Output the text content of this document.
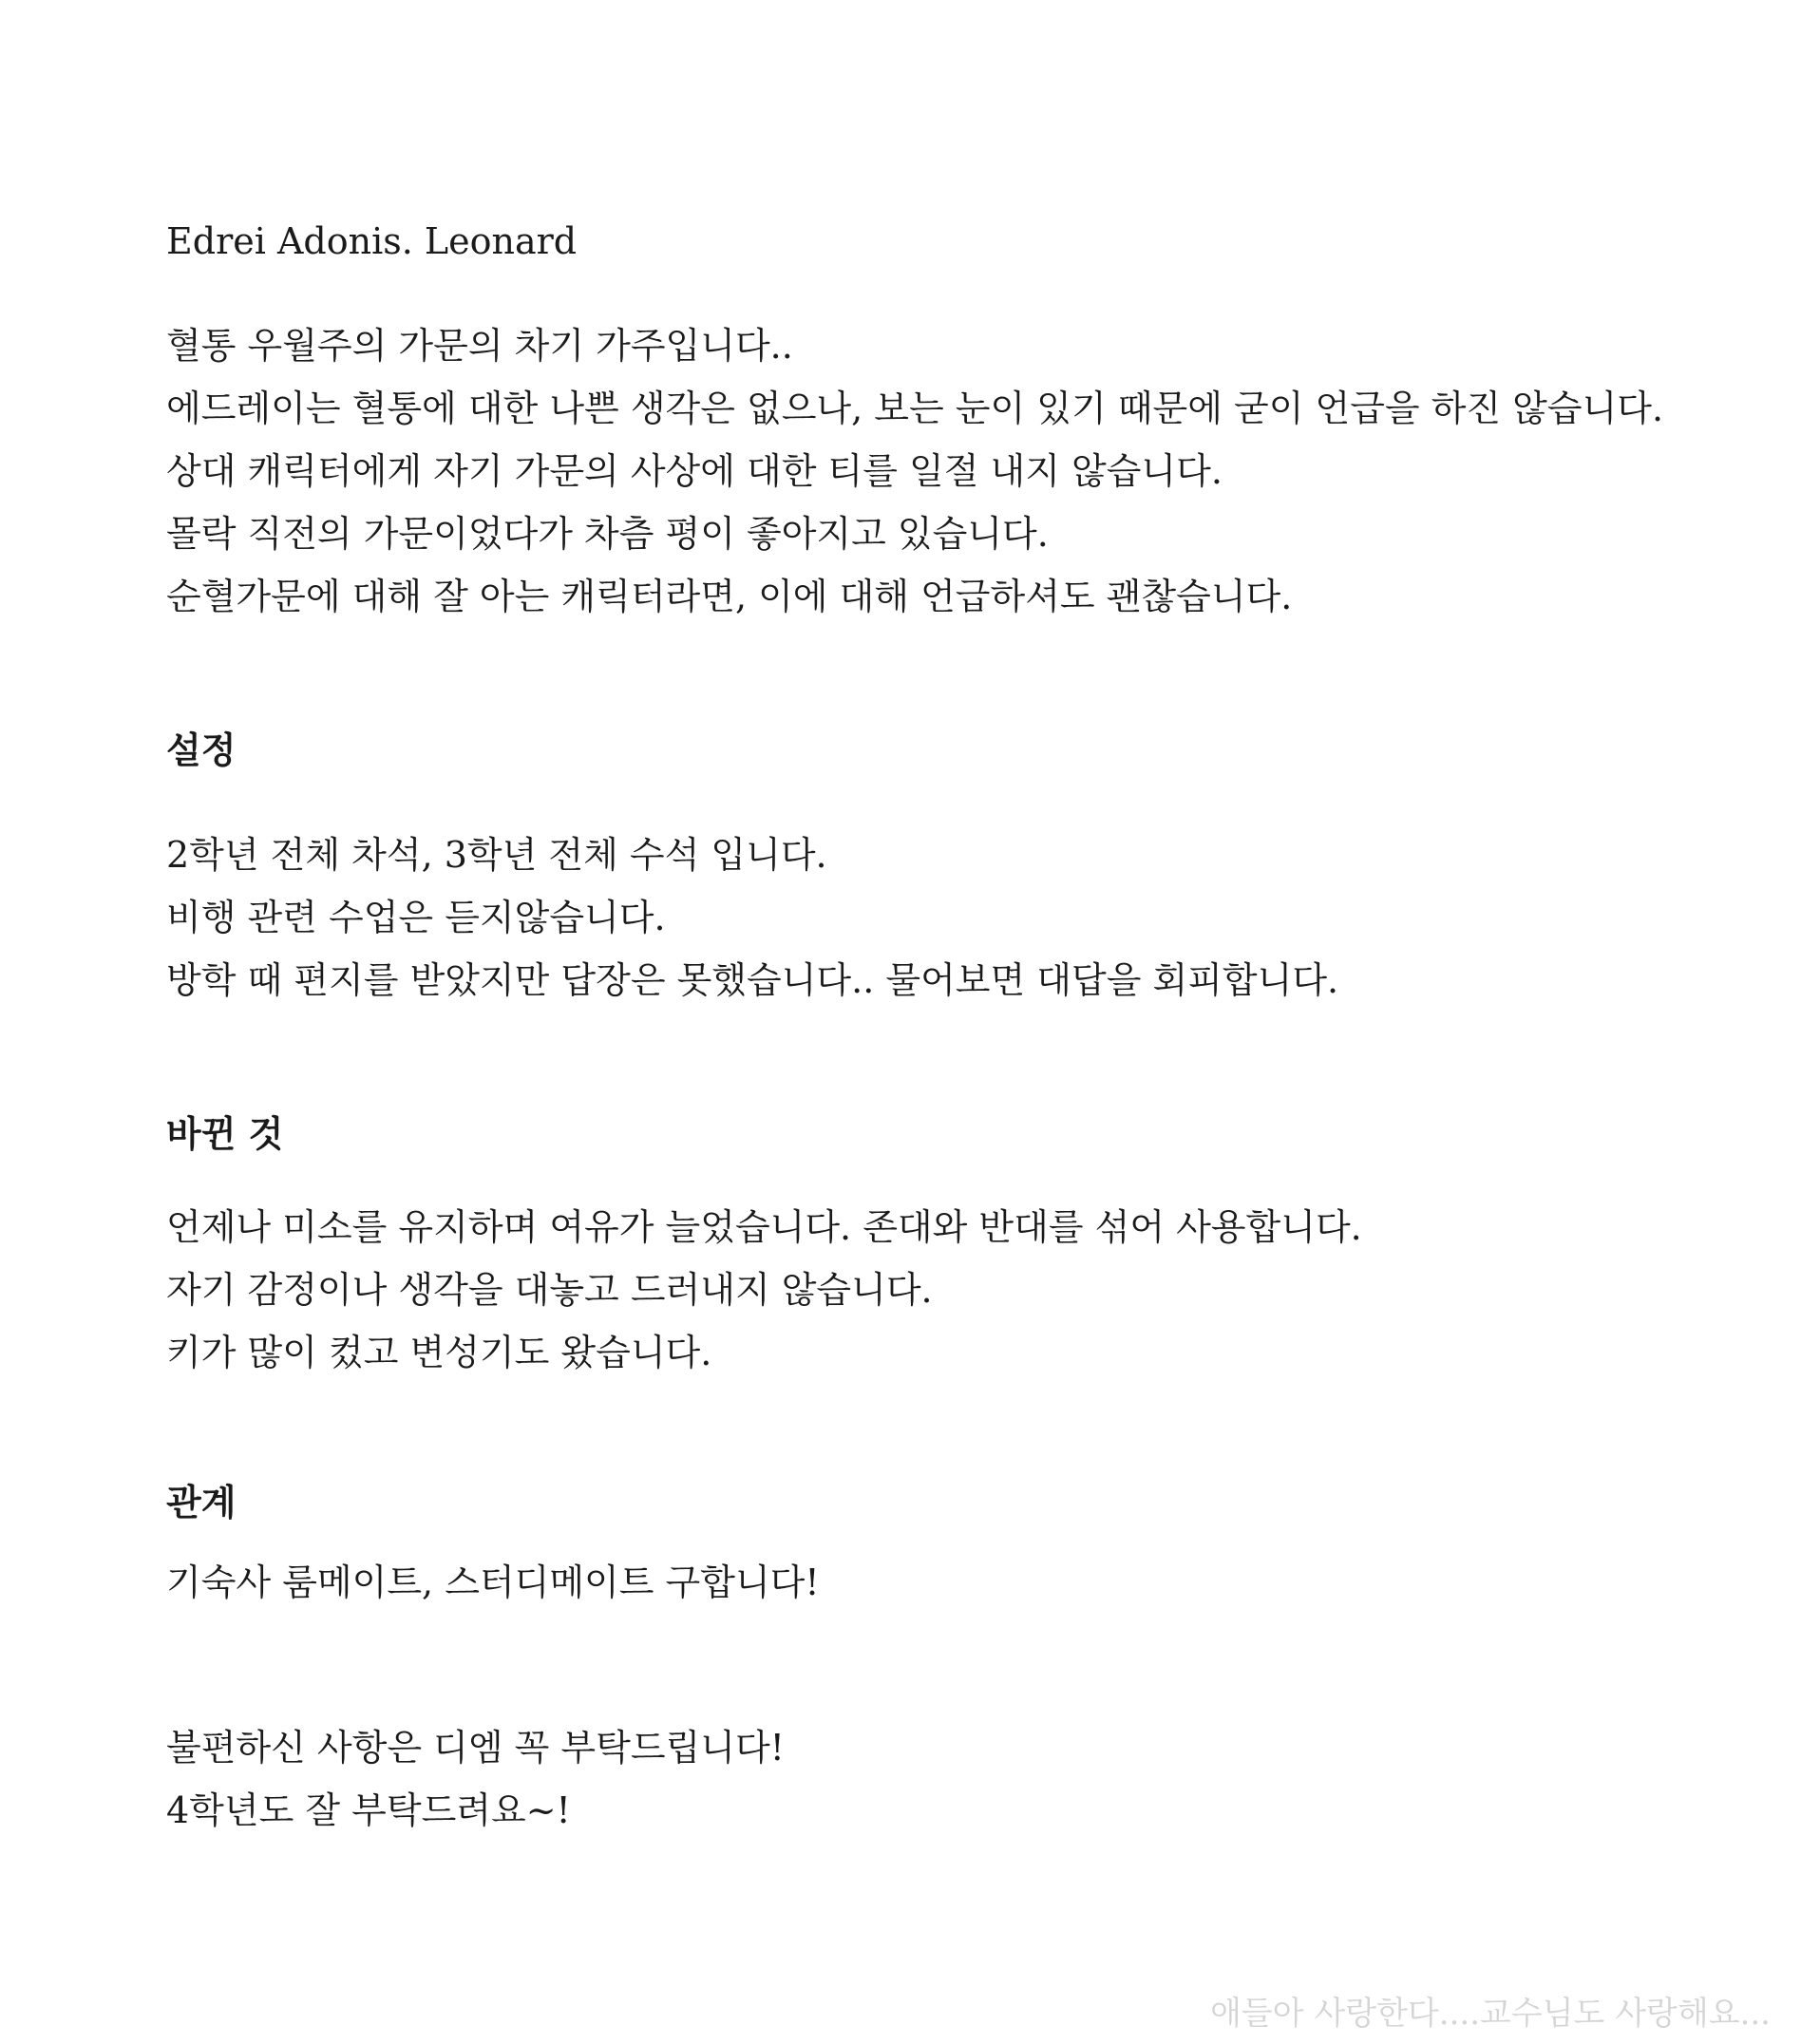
Edrei Adonis. Leonard
혈통 우월주의 가문의 차기 가주입니다..
에드레이는 혈통에 대한 나쁜 생각은 없으나, 보는 눈이 있기 때문에 굳이 언급을 하진 않습니다.
상대 캐릭터에게 자기 가문의 사상에 대한 티를 일절 내지 않습니다.
몰락 직전의 가문이었다가 차츰 평이 좋아지고 있습니다.
순혈가문에 대해 잘 아는 캐릭터라면, 이에 대해 언급하셔도 괜찮습니다.
설정
2학년 전체 차석, 3학년 전체 수석 입니다.
비행 관련 수업은 듣지않습니다.
방학 때 편지를 받았지만 답장은 못했습니다.. 물어보면 대답을 회피합니다.
바뀐 것
언제나 미소를 유지하며 여유가 늘었습니다. 존대와 반대를 섞어 사용합니다.
자기 감정이나 생각을 대놓고 드러내지 않습니다.
키가 많이 컸고 변성기도 왔습니다.
관계
기숙사 룸메이트, 스터디메이트 구합니다!
불편하신 사항은 디엠 꼭 부탁드립니다!
4학년도 잘 부탁드려요~!
애들아 사랑한다....교수님도 사랑해요...
